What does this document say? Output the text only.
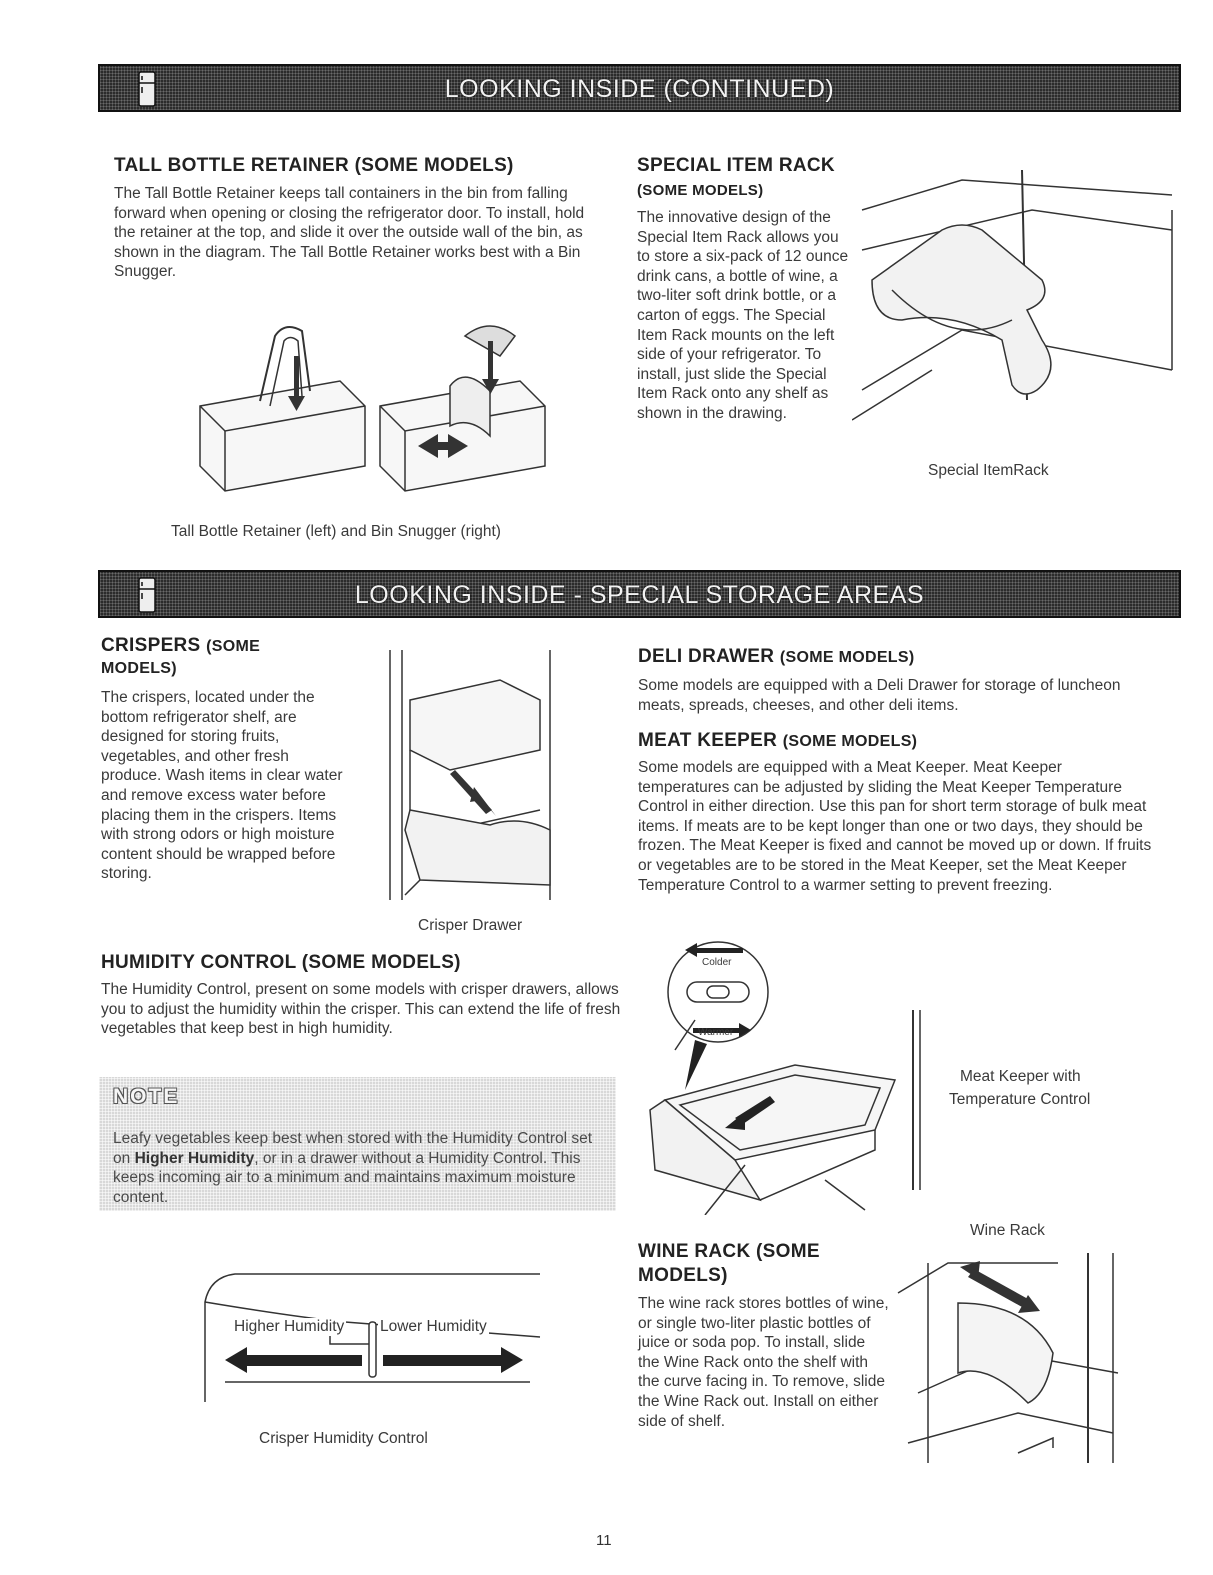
LOOKING INSIDE (CONTINUED)
TALL BOTTLE RETAINER (SOME MODELS)

The Tall Bottle Retainer keeps tall containers in the bin from falling forward when opening or closing the refrigerator door. To install, hold the retainer at the top, and slide it over the outside wall of the bin, as shown in the diagram. The Tall Bottle Retainer works best with a Bin Snugger.

Tall Bottle Retainer (left) and Bin Snugger (right)
SPECIAL ITEM RACK
(SOME MODELS)

The innovative design of the Special Item Rack allows you to store a six-pack of 12 ounce drink cans, a bottle of wine, a two-liter soft drink bottle, or a carton of eggs. The Special Item Rack mounts on the left side of your refrigerator. To install, just slide the Special Item Rack onto any shelf as shown in the drawing.

Special ItemRack
LOOKING INSIDE - SPECIAL STORAGE AREAS
CRISPERS (SOME MODELS)

The crispers, located under the bottom refrigerator shelf, are designed for storing fruits, vegetables, and other fresh produce. Wash items in clear water and remove excess water before placing them in the crispers. Items with strong odors or high moisture content should be wrapped before storing.

Crisper Drawer
HUMIDITY CONTROL (SOME MODELS)

The Humidity Control, present on some models with crisper drawers, allows you to adjust the humidity within the crisper. This can extend the life of fresh vegetables that keep best in high humidity.

NOTE
Leafy vegetables keep best when stored with the Humidity Control set on Higher Humidity, or in a drawer without a Humidity Control. This keeps incoming air to a minimum and maintains maximum moisture content.
Higher Humidity Lower Humidity
Crisper Humidity Control
DELI DRAWER (SOME MODELS)

Some models are equipped with a Deli Drawer for storage of luncheon meats, spreads, cheeses, and other deli items.

MEAT KEEPER (SOME MODELS)

Some models are equipped with a Meat Keeper. Meat Keeper temperatures can be adjusted by sliding the Meat Keeper Temperature Control in either direction. Use this pan for short term storage of bulk meat items. If meats are to be kept longer than one or two days, they should be frozen. The Meat Keeper is fixed and cannot be moved up or down. If fruits or vegetables are to be stored in the Meat Keeper, set the Meat Keeper Temperature Control to a warmer setting to prevent freezing.

Colder
Warmer
Meat Keeper with
Temperature Control
WINE RACK (SOME
MODELS)

The wine rack stores bottles of wine, or single two-liter plastic bottles of juice or soda pop. To install, slide the Wine Rack onto the shelf with the curve facing in. To remove, slide the Wine Rack out. Install on either side of shelf.

Wine Rack
11
